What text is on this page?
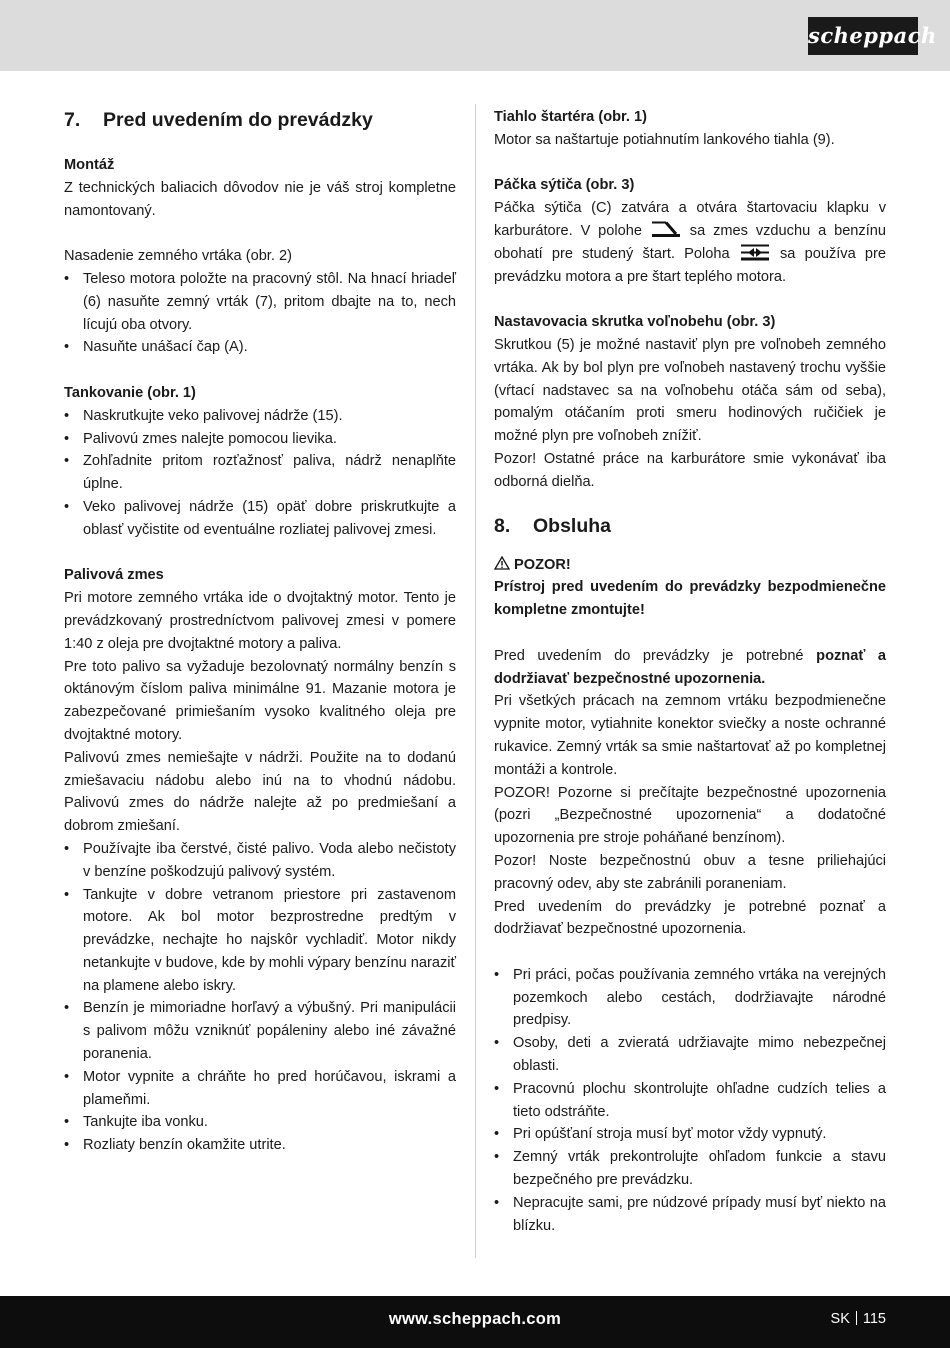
scheppach
7.	Pred uvedením do prevádzky

Montáž

Z technických baliacich dôvodov nie je váš stroj kompletne namontovaný.

Nasadenie zemného vrtáka (obr. 2)

• Teleso motora položte na pracovný stôl. Na hnací hriadeľ (6) nasuňte zemný vrták (7), pritom dbajte na to, nech lícujú oba otvory.
• Nasuňte unášací čap (A).

Tankovanie (obr. 1)

• Naskrutkujte veko palivovej nádrže (15).
• Palivovú zmes nalejte pomocou lievika.
• Zohľadnite pritom rozťažnosť paliva, nádrž nenaplňte úplne.
• Veko palivovej nádrže (15) opäť dobre priskrutkujte a oblasť vyčistite od eventuálne rozliatej palivovej zmesi.

Palivová zmes

Pri motore zemného vrtáka ide o dvojtaktný motor. Tento je prevádzkovaný prostredníctvom palivovej zmesi v pomere 1:40 z oleja pre dvojtaktné motory a paliva.

Pre toto palivo sa vyžaduje bezolovnatý normálny benzín s oktánovým číslom paliva minimálne 91. Mazanie motora je zabezpečované primiešaním vysoko kvalitného oleja pre dvojtaktné motory.

Palivovú zmes nemiešajte v nádrži. Použite na to dodanú zmiešavaciu nádobu alebo inú na to vhodnú nádobu. Palivovú zmes do nádrže nalejte až po predmiešaní a dobrom zmiešaní.

• Používajte iba čerstvé, čisté palivo. Voda alebo nečistoty v benzíne poškodzujú palivový systém.
• Tankujte v dobre vetranom priestore pri zastavenom motore. Ak bol motor bezprostredne predtým v prevádzke, nechajte ho najskôr vychladiť. Motor nikdy netankujte v budove, kde by mohli výpary benzínu naraziť na plamene alebo iskry.
• Benzín je mimoriadne horľavý a výbušný. Pri manipulácii s palivom môžu vzniknúť popáleniny alebo iné závažné poranenia.
• Motor vypnite a chráňte ho pred horúčavou, iskrami a plameňmi.
• Tankujte iba vonku.
• Rozliaty benzín okamžite utrite.

Tiahlo štartéra (obr. 1)

Motor sa naštartuje potiahnutím lankového tiahla (9).

Páčka sýtiča (obr. 3)

Páčka sýtiča (C) zatvára a otvára štartovaciu klapku v karburátore. V polohe	sa zmes vzduchu a benzínu obohatí pre studený štart. Poloha	sa používa pre prevádzku motora a pre štart teplého motora.

Nastavovacia skrutka voľnobehu (obr. 3)

Skrutkou (5) je možné nastaviť plyn pre voľnobeh zemného vrtáka. Ak by bol plyn pre voľnobeh nastavený trochu vyššie (vŕtací nadstavec sa na voľnobehu otáča sám od seba), pomalým otáčaním proti smeru hodinových ručičiek je možné plyn pre voľnobeh znížiť.

Pozor! Ostatné práce na karburátore smie vykonávať iba odborná dielňa.

8.	Obsluha

POZOR!

Prístroj pred uvedením do prevádzky bezpodmienečne kompletne zmontujte!

Pred uvedením do prevádzky je potrebné poznať a dodržiavať bezpečnostné upozornenia.

Pri všetkých prácach na zemnom vrtáku bezpodmienečne vypnite motor, vytiahnite konektor sviečky a noste ochranné rukavice. Zemný vrták sa smie naštartovať až po kompletnej montáži a kontrole.

POZOR! Pozorne si prečítajte bezpečnostné upozornenia (pozri „Bezpečnostné upozornenia“ a dodatočné upozornenia pre stroje poháňané benzínom).

Pozor! Noste bezpečnostnú obuv a tesne priliehajúci pracovný odev, aby ste zabránili poraneniam.

Pred uvedením do prevádzky je potrebné poznať a dodržiavať bezpečnostné upozornenia.

• Pri práci, počas používania zemného vrtáka na verejných pozemkoch alebo cestách, dodržiavajte národné predpisy.
• Osoby, deti a zvieratá udržiavajte mimo nebezpečnej oblasti.
• Pracovnú plochu skontrolujte ohľadne cudzích telies a tieto odstráňte.
• Pri opúšťaní stroja musí byť motor vždy vypnutý.
• Zemný vrták prekontrolujte ohľadom funkcie a stavu bezpečného pre prevádzku.
• Nepracujte sami, pre núdzové prípady musí byť niekto na blízku.
www.scheppach.com	SK 115
